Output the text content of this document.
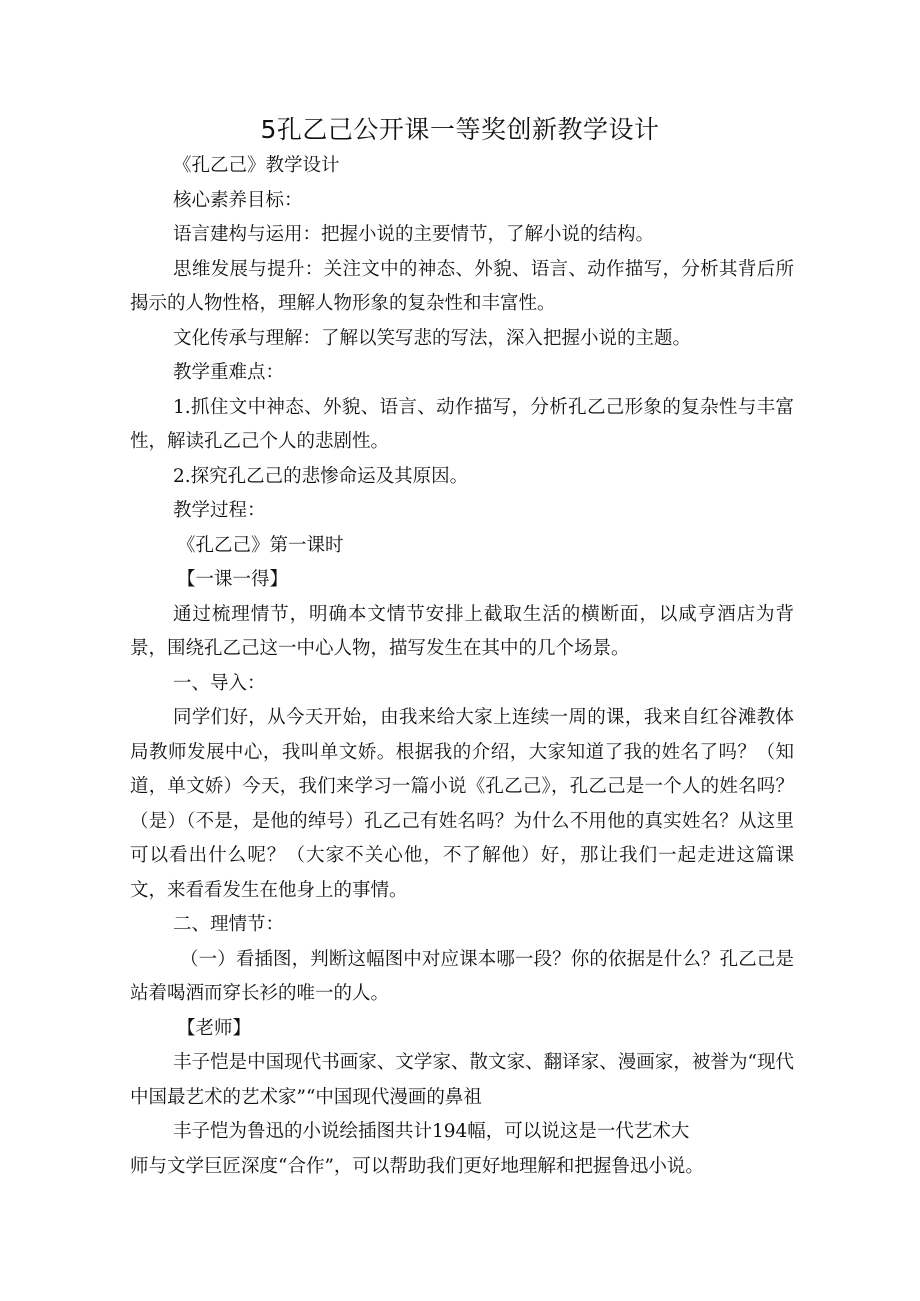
5孔乙己公开课一等奖创新教学设计

《孔乙己》教学设计

核心素养目标：

语言建构与运用：把握小说的主要情节，了解小说的结构。

思维发展与提升：关注文中的神态、外貌、语言、动作描写，分析其背后所揭示的人物性格，理解人物形象的复杂性和丰富性。

文化传承与理解：了解以笑写悲的写法，深入把握小说的主题。

教学重难点：

1.抓住文中神态、外貌、语言、动作描写，分析孔乙己形象的复杂性与丰富性，解读孔乙己个人的悲剧性。

2.探究孔乙己的悲惨命运及其原因。

教学过程：

《孔乙己》第一课时

【一课一得】

通过梳理情节，明确本文情节安排上截取生活的横断面，以咸亨酒店为背景，围绕孔乙己这一中心人物，描写发生在其中的几个场景。

一、导入：

同学们好，从今天开始，由我来给大家上连续一周的课，我来自红谷滩教体局教师发展中心，我叫单文娇。根据我的介绍，大家知道了我的姓名了吗？（知道，单文娇）今天，我们来学习一篇小说《孔乙己》，孔乙己是一个人的姓名吗？（是）（不是，是他的绰号）孔乙己有姓名吗？为什么不用他的真实姓名？从这里可以看出什么呢？（大家不关心他，不了解他）好，那让我们一起走进这篇课文，来看看发生在他身上的事情。

二、理情节：

（一）看插图，判断这幅图中对应课本哪一段？你的依据是什么？孔乙己是站着喝酒而穿长衫的唯一的人。

【老师】

丰子恺是中国现代书画家、文学家、散文家、翻译家、漫画家，被誉为“现代中国最艺术的艺术家”“中国现代漫画的鼻祖

丰子恺为鲁迅的小说绘插图共计194幅，可以说这是一代艺术大

师与文学巨匠深度“合作”，可以帮助我们更好地理解和把握鲁迅小说。
